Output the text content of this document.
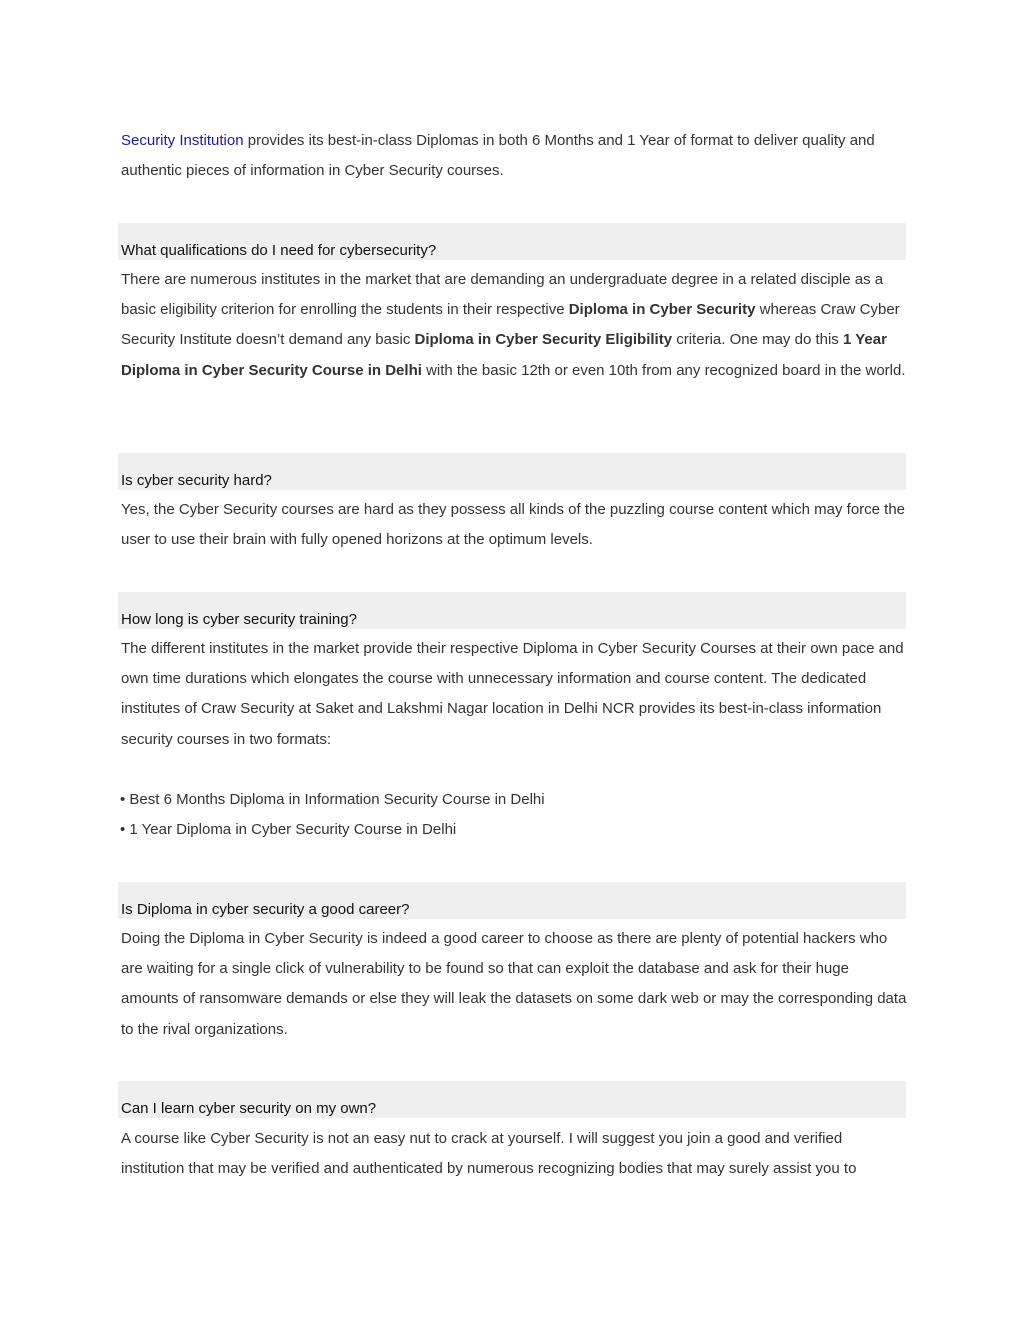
Security Institution provides its best-in-class Diplomas in both 6 Months and 1 Year of format to deliver quality and authentic pieces of information in Cyber Security courses.

What qualifications do I need for cybersecurity?

There are numerous institutes in the market that are demanding an undergraduate degree in a related disciple as a basic eligibility criterion for enrolling the students in their respective Diploma in Cyber Security whereas Craw Cyber Security Institute doesn’t demand any basic Diploma in Cyber Security Eligibility criteria. One may do this 1 Year Diploma in Cyber Security Course in Delhi with the basic 12th or even 10th from any recognized board in the world.

Is cyber security hard?

Yes, the Cyber Security courses are hard as they possess all kinds of the puzzling course content which may force the user to use their brain with fully opened horizons at the optimum levels.

How long is cyber security training?

The different institutes in the market provide their respective Diploma in Cyber Security Courses at their own pace and own time durations which elongates the course with unnecessary information and course content. The dedicated institutes of Craw Security at Saket and Lakshmi Nagar location in Delhi NCR provides its best-in-class information security courses in two formats:

• Best 6 Months Diploma in Information Security Course in Delhi
• 1 Year Diploma in Cyber Security Course in Delhi
Is Diploma in cyber security a good career?

Doing the Diploma in Cyber Security is indeed a good career to choose as there are plenty of potential hackers who are waiting for a single click of vulnerability to be found so that can exploit the database and ask for their huge amounts of ransomware demands or else they will leak the datasets on some dark web or may the corresponding data to the rival organizations.

Can I learn cyber security on my own?

A course like Cyber Security is not an easy nut to crack at yourself. I will suggest you join a good and verified institution that may be verified and authenticated by numerous recognizing bodies that may surely assist you to
